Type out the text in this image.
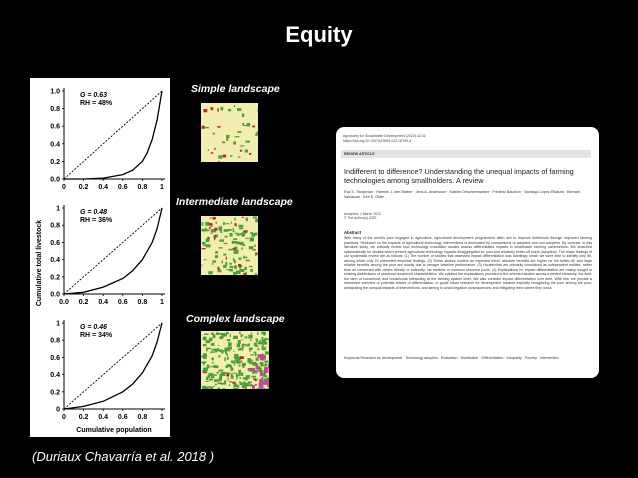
Equity
1.0
0.8
0.6
0.4
0.2
0.0
0 0.2 0.4 0.6 0.8 1
G = 0.63
RH = 48%
1
0.8
0.6
0.4
0.2
0.0
0.0 0.2 0.4 0.6 0.8 1
G = 0.48
RH = 36%
1
0.8
0.6
0.4
0.2
0
0 0.2 0.4 0.6 0.8 1
G = 0.46
RH = 34%
Cumulative total livestock
Cumulative population
Simple landscape
Intermediate landscape
Complex landscape
Agronomy for Sustainable Development (2022) 42:32
https://doi.org/10.1007/s13593-022-00769-6
REVIEW ARTICLE
Indifferent to difference? Understanding the unequal impacts of farming technologies among smallholders. A review
Eva S. Thuijsman · Harmen J. den Braber · Jens A. Andersson · Katrien Descheemaeker · Frédéric Baudron · Santiago López-Ridaura · Bernard Vanlauwe · Ken E. Giller
Accepted: 1 March 2022
© The Author(s) 2022
Abstract
With many of the world's poor engaged in agriculture, agricultural development programmes often aim to improve livelihoods through improved farming practices. Research on the impacts of agricultural technology interventions is dominated by comparisons of adopters and non-adopters. By contrast, in this literature study, we critically review how technology evaluation studies assess differentiated impacts in smallholder farming communities. We searched systematically for studies which present agricultural technology impacts disaggregated for poor and relatively better-off users (adopters). The major findings of our systematic review are as follows: (1) The number of studies that assessed impact differentiation was startlingly small: we were able to identify only 85, among which only 24 presented empirical findings. (2) These studies confirm an expected trend: absolute benefits are higher for the better-off, and large relative benefits among the poor are mostly due to meagre baseline performance. (3) Households are primarily considered as independent entities, rather than as connected with others directly or indirectly, via markets or common resource pools. (4) Explanations for impact differentiation are mainly sought in existing distributions of structural household characteristics. We collated the explanations provided in the selected studies across a nested hierarchy: the field, the farm or household, and households interacting at the farming system level. We also consider impact differentiation over time. With this, we provide a structured overview of potential drivers of differentiation, to guide future research for development towards explicitly recognizing the poor among the poor, anticipating the unequal impacts of interventions, and aiming to avoid negative consequences, and mitigating them where they occur.
Keywords Research for development · Technology adoption · Evaluation · Distribution · Differentiation · Inequality · Poverty · Intervention
(Duriaux Chavarría et al. 2018 )
